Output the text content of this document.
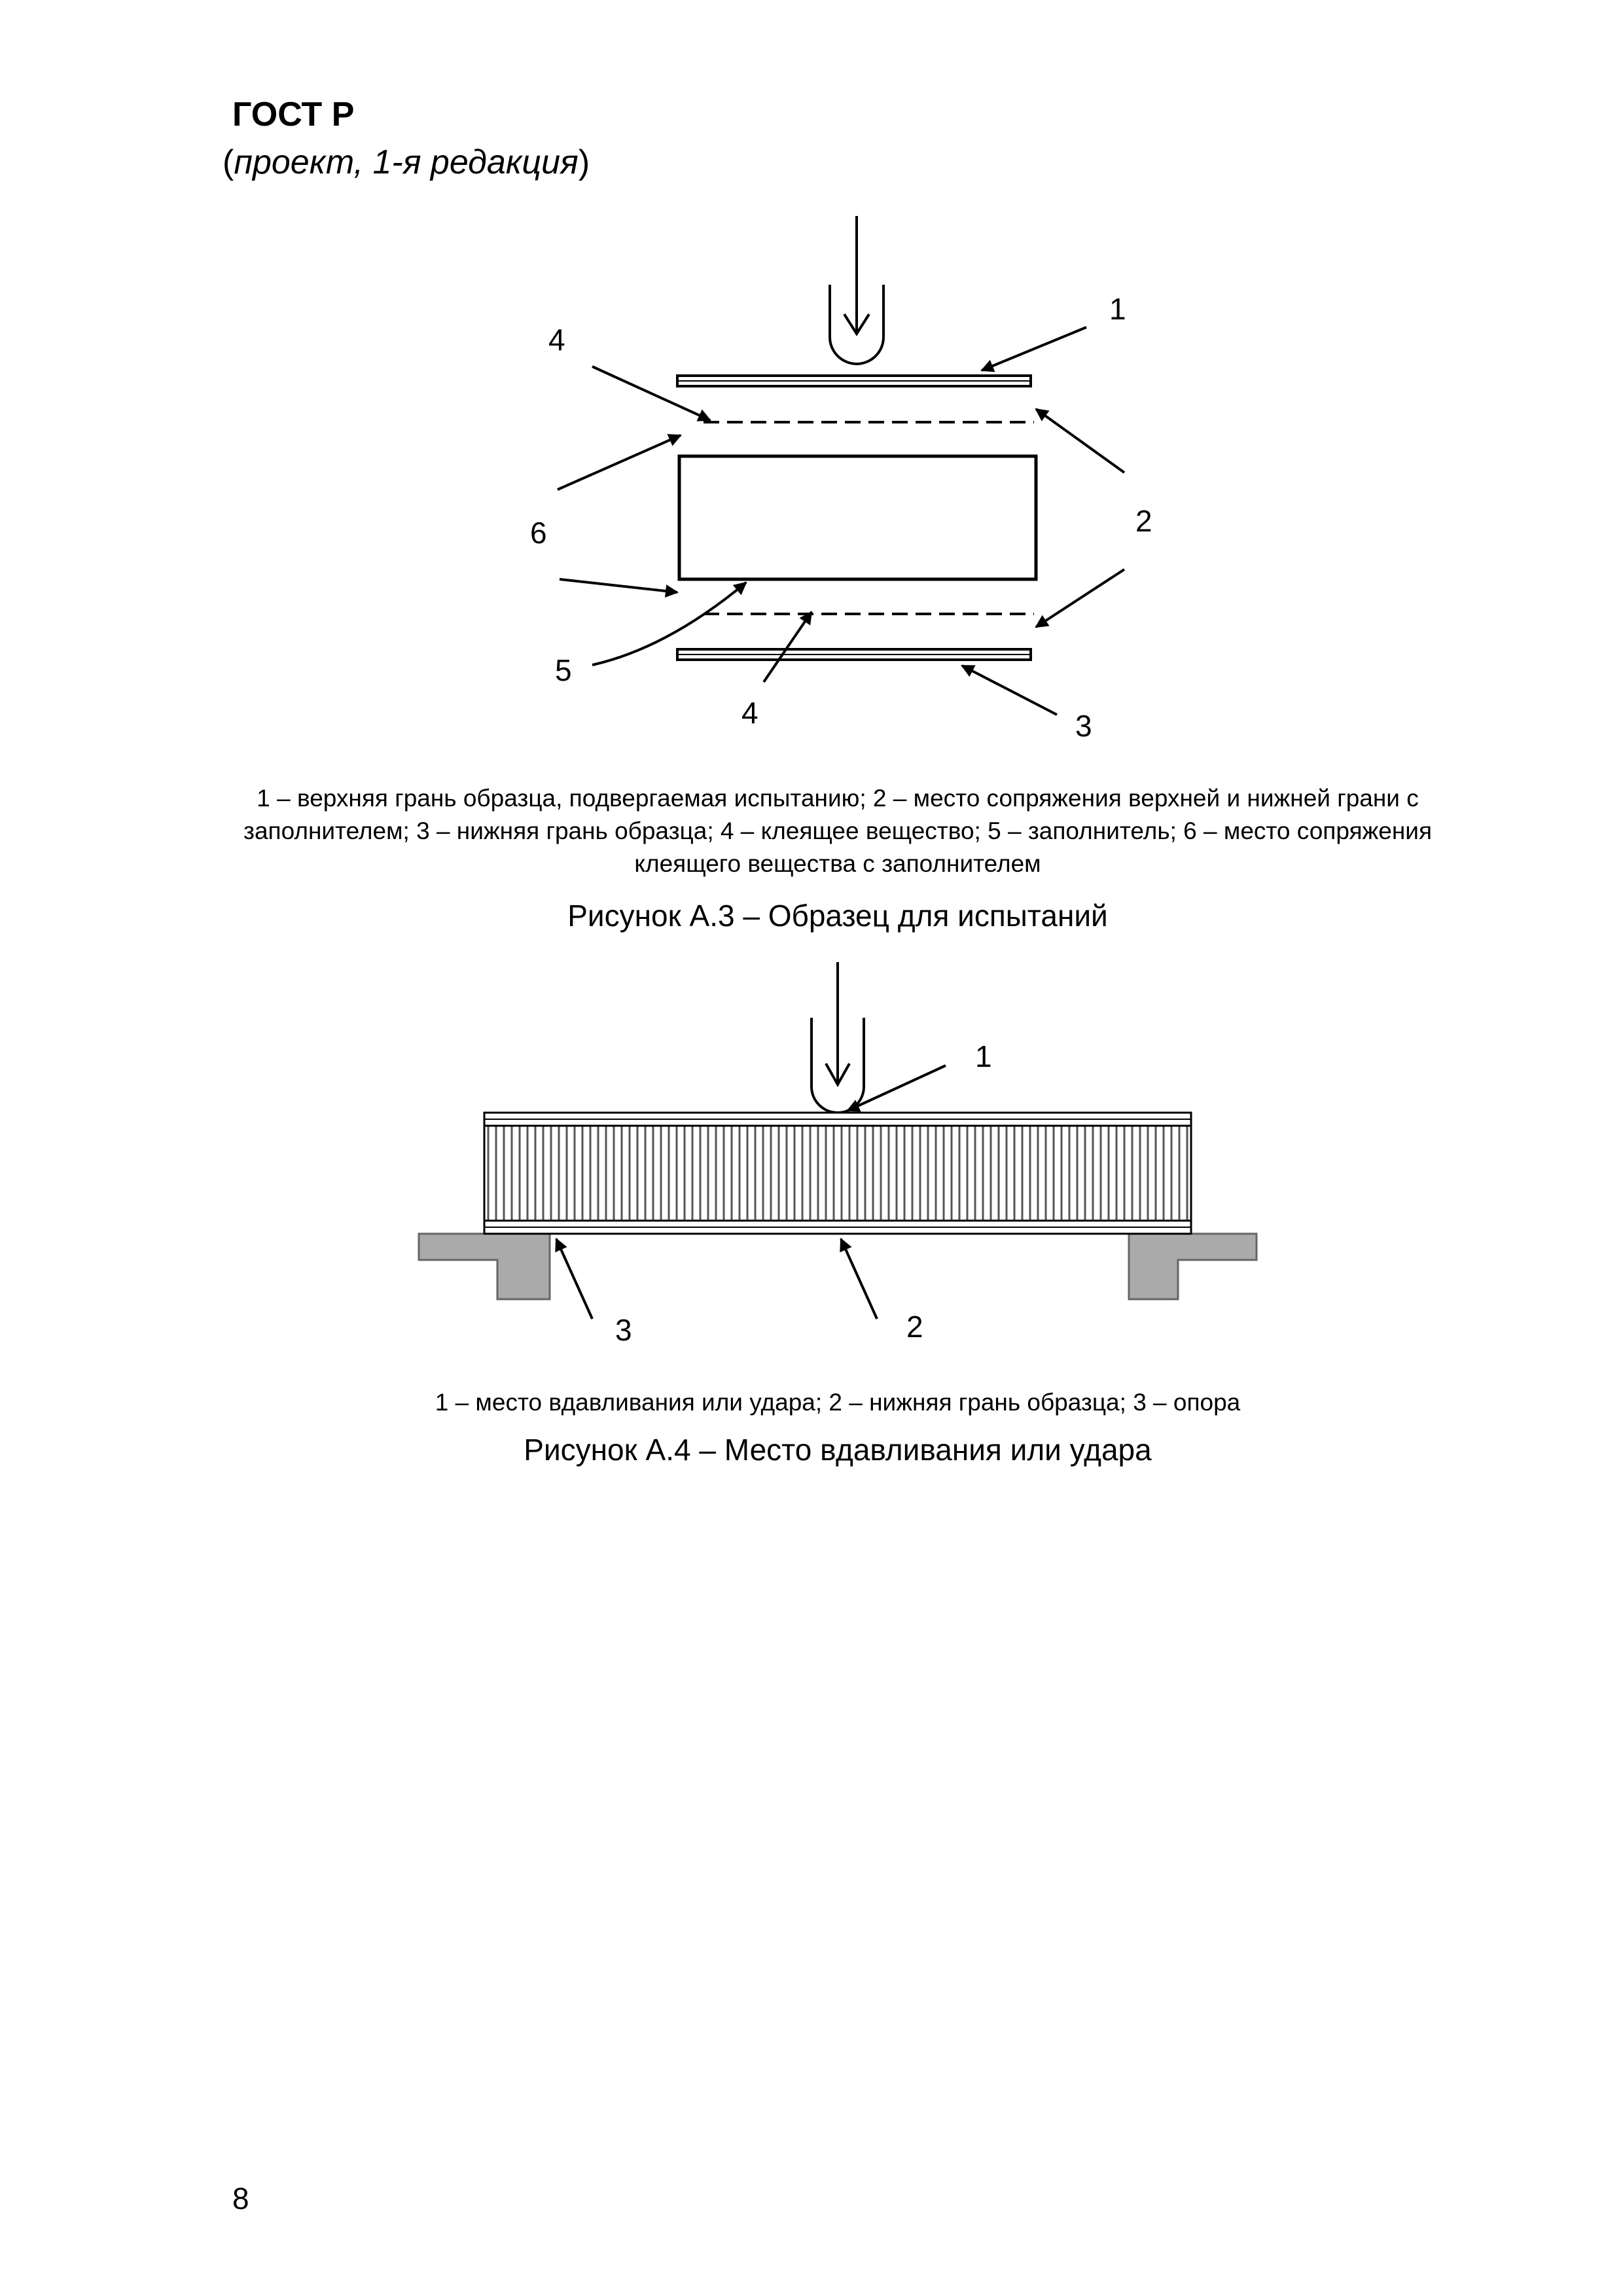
ГОСТ Р
(проект, 1-я редакция)
1
4
2
6
5
4	3
1 – верхняя грань образца, подвергаемая испытанию; 2 – место сопряжения верхней и нижней грани с заполнителем; 3 – нижняя грань образца; 4 – клеящее вещество; 5 – заполнитель; 6 – место сопряжения клеящего вещества с заполнителем
Рисунок А.3 – Образец для испытаний
1
3	2
1 – место вдавливания или удара; 2 – нижняя грань образца; 3 – опора
Рисунок А.4 – Место вдавливания или удара
8
